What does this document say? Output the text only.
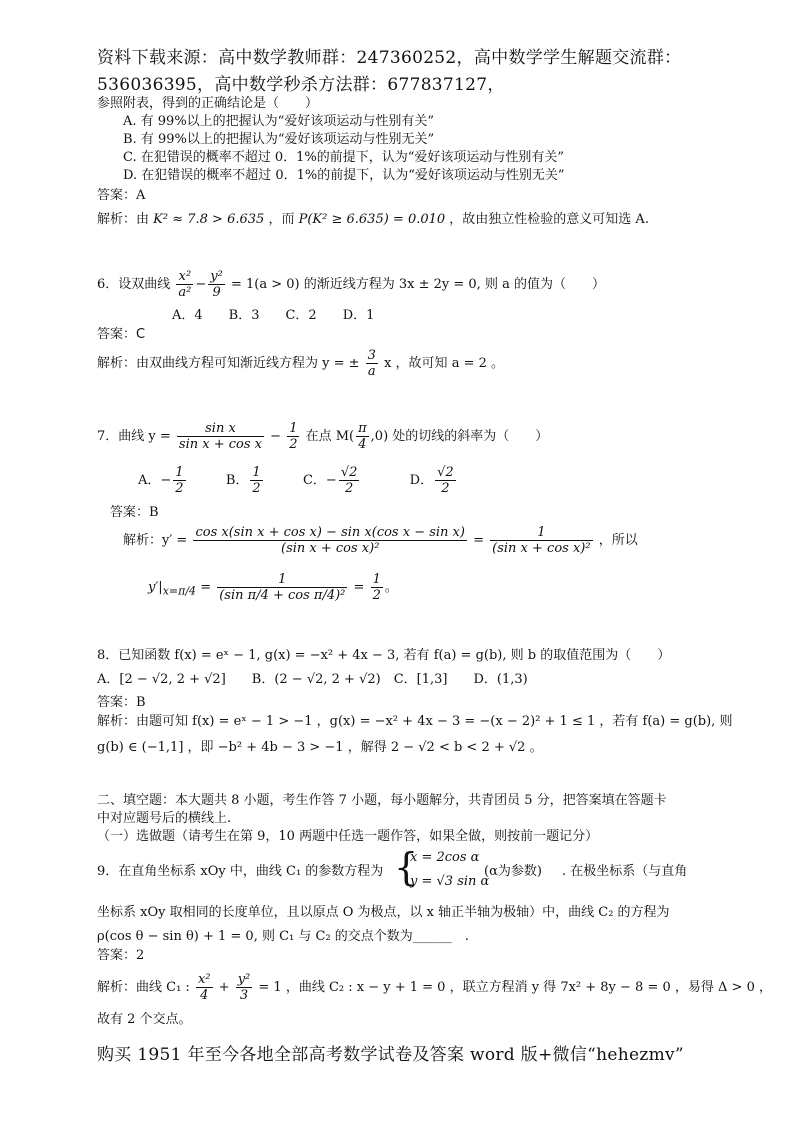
资料下载来源：高中数学教师群：247360252，高中数学学生解题交流群：
536036395，高中数学秒杀方法群：677837127，
参照附表，得到的正确结论是（　　）
A. 有 99%以上的把握认为“爱好该项运动与性别有关”
B. 有 99%以上的把握认为“爱好该项运动与性别无关”
C. 在犯错误的概率不超过 0．1%的前提下，认为“爱好该项运动与性别有关”
D. 在犯错误的概率不超过 0．1%的前提下，认为“爱好该项运动与性别无关”
答案：A
解析：由 K² ≈ 7.8 > 6.635 ，而 P(K² ≥ 6.635) = 0.010 ，故由独立性检验的意义可知选 A.
6．设双曲线 $\frac{\text{x²}}{\text{a²}} - \frac{\text{y²}}{9} = 1(a > 0)$ 的渐近线方程为 3x ± 2y = 0, 则 a 的值为（　　）
A．4　　B．3　　C．2　　D．1
答案：C
解析：由双曲线方程可知渐近线方程为 y = ± $\frac{3}{a}$ x ，故可知 a = 2 。
7．曲线 $y = \frac{\text{sin x}}{\text{sin x + cos x}} - \frac{1}{2}$ 在点 $M( \frac{\pi}{4} ,0)$ 处的切线的斜率为（　　）
A．− $\frac{1}{2}$	B． $\frac{1}{2}$	C．− $\frac{√2}{2}$	D． $\frac{√2}{2}$
答案：B
解析：$y' = \frac{\text{cos x(sin x + cos x) − sin x(cos x − sin x)}}{\text{(sin x + cos x)²}} = \frac{1}{\text{(sin x + cos x)²}}$ ，所以
$y'|_{x=\pi/4} = \frac{1}{\text{(sin π/4 + cos π/4)²}} = \frac{1}{2}$ 。
8．已知函数 f(x) = eˣ − 1, g(x) = −x² + 4x − 3, 若有 f(a) = g(b), 则 b 的取值范围为（　　）
A．[2 − √2, 2 + √2]　　B．(2 − √2, 2 + √2)　C．[1,3]　　D．(1,3)
答案：B
解析：由题可知 f(x) = eˣ − 1 > −1 ，g(x) = −x² + 4x − 3 = −(x − 2)² + 1 ≤ 1 ，若有 f(a) = g(b), 则
g(b) ∈ (−1,1] ，即 −b² + 4b − 3 > −1 ，解得 2 − √2 < b < 2 + √2 。
二、填空题：本大题共 8 小题，考生作答 7 小题，每小题解分，共青团员 5 分，把答案填在答题卡
中对应题号后的横线上.
（一）选做题（请考生在第 9，10 两题中任选一题作答，如果全做，则按前一题记分）
9．在直角坐标系 xOy 中，曲线 C₁ 的参数方程为 {
x = 2cos α
y = √3 sin α
(α为参数) . 在极坐标系（与直角
坐标系 xOy 取相同的长度单位，且以原点 O 为极点，以 x 轴正半轴为极轴）中，曲线 C₂ 的方程为
ρ(cos θ − sin θ) + 1 = 0, 则 C₁ 与 C₂ 的交点个数为______　.
答案：2
解析：曲线 C₁ : $\frac{\text{x²}}{4} + \frac{\text{y²}}{3} = 1$ ，曲线 C₂ : x − y + 1 = 0 ，联立方程消 y 得 7x² + 8y − 8 = 0 ，易得 Δ > 0 ，
故有 2 个交点。
购买 1951 年至今各地全部高考数学试卷及答案 word 版+微信“hehezmv”
